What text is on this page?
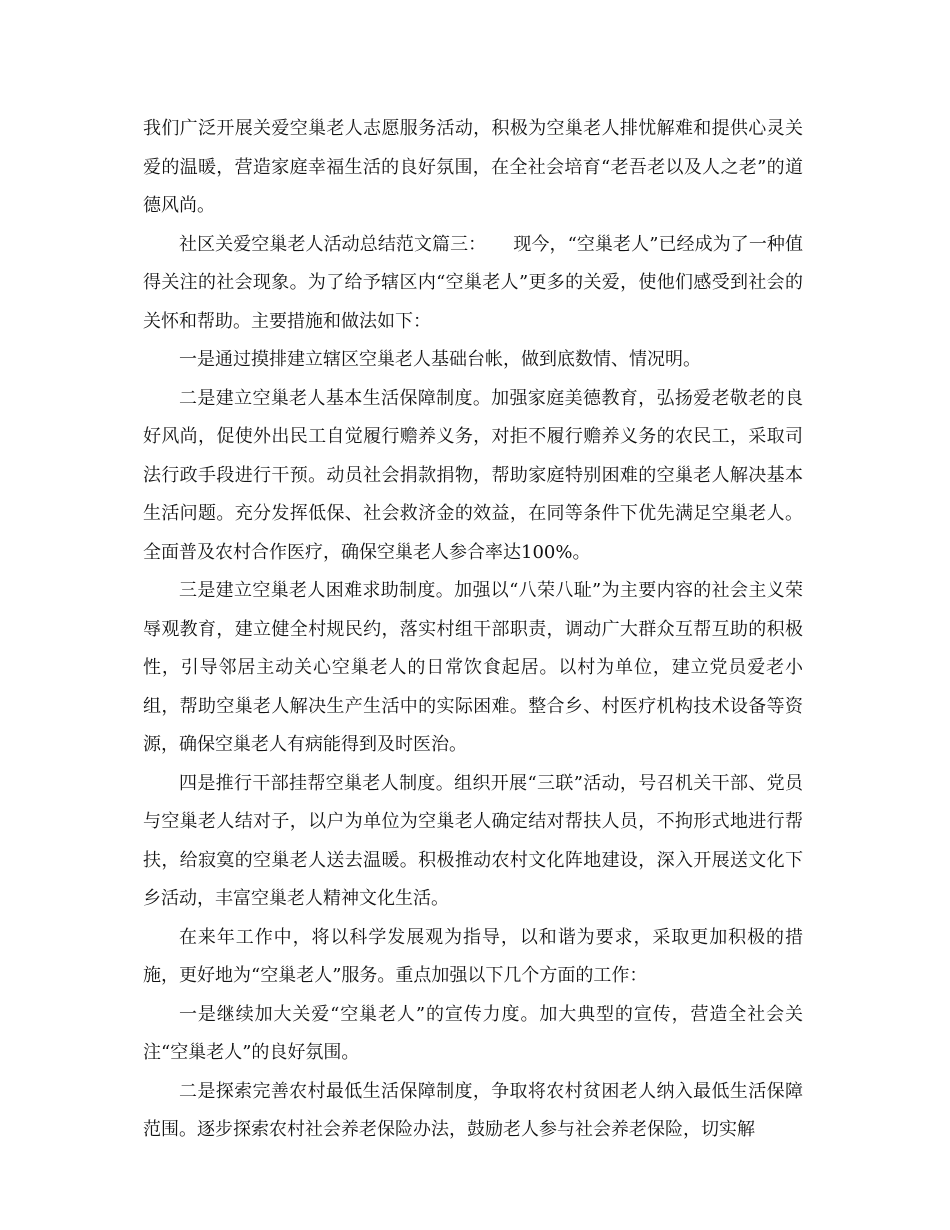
我们广泛开展关爱空巢老人志愿服务活动，积极为空巢老人排忧解难和提供心灵关爱的温暖，营造家庭幸福生活的良好氛围，在全社会培育“老吾老以及人之老”的道德风尚。

社区关爱空巢老人活动总结范文篇三：　　现今，“空巢老人”已经成为了一种值得关注的社会现象。为了给予辖区内“空巢老人”更多的关爱，使他们感受到社会的关怀和帮助。主要措施和做法如下：

一是通过摸排建立辖区空巢老人基础台帐，做到底数情、情况明。

二是建立空巢老人基本生活保障制度。加强家庭美德教育，弘扬爱老敬老的良好风尚，促使外出民工自觉履行赡养义务，对拒不履行赡养义务的农民工，采取司法行政手段进行干预。动员社会捐款捐物，帮助家庭特别困难的空巢老人解决基本生活问题。充分发挥低保、社会救济金的效益，在同等条件下优先满足空巢老人。全面普及农村合作医疗，确保空巢老人参合率达100%。

三是建立空巢老人困难求助制度。加强以“八荣八耻”为主要内容的社会主义荣辱观教育，建立健全村规民约，落实村组干部职责，调动广大群众互帮互助的积极性，引导邻居主动关心空巢老人的日常饮食起居。以村为单位，建立党员爱老小组，帮助空巢老人解决生产生活中的实际困难。整合乡、村医疗机构技术设备等资源，确保空巢老人有病能得到及时医治。

四是推行干部挂帮空巢老人制度。组织开展“三联”活动，号召机关干部、党员与空巢老人结对子，以户为单位为空巢老人确定结对帮扶人员，不拘形式地进行帮扶，给寂寞的空巢老人送去温暖。积极推动农村文化阵地建设，深入开展送文化下乡活动，丰富空巢老人精神文化生活。

在来年工作中，将以科学发展观为指导，以和谐为要求，采取更加积极的措施，更好地为“空巢老人”服务。重点加强以下几个方面的工作：

一是继续加大关爱“空巢老人”的宣传力度。加大典型的宣传，营造全社会关注“空巢老人”的良好氛围。

二是探索完善农村最低生活保障制度，争取将农村贫困老人纳入最低生活保障范围。逐步探索农村社会养老保险办法，鼓励老人参与社会养老保险，切实解
